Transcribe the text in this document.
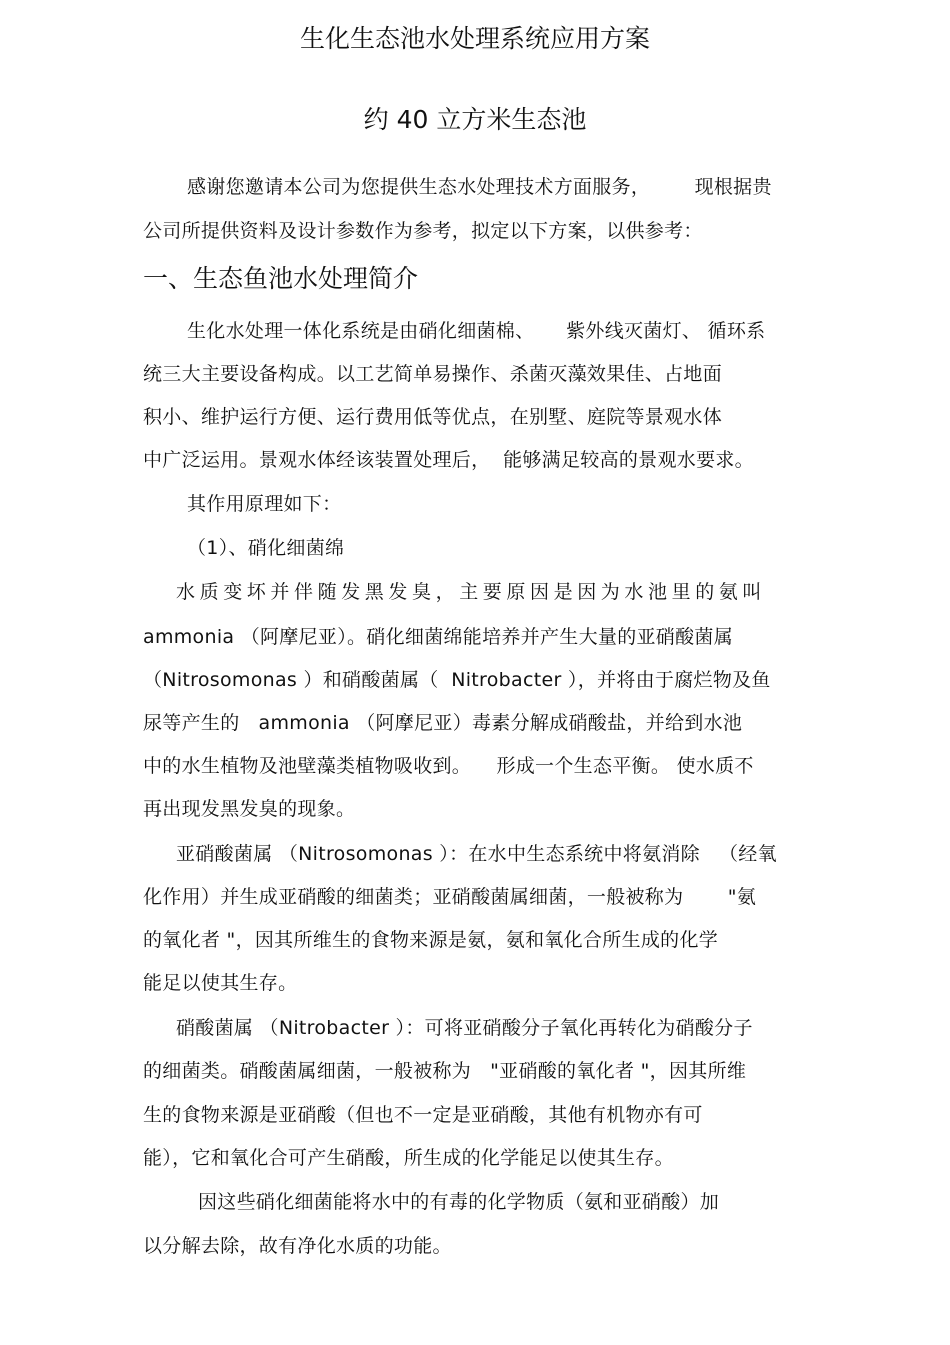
生化生态池水处理系统应用方案
约 40 立方米生态池
感谢您邀请本公司为您提供生态水处理技术方面服务，       现根据贵
公司所提供资料及设计参数作为参考，拟定以下方案，以供参考：
一、生态鱼池水处理简介
生化水处理一体化系统是由硝化细菌棉、     紫外线灭菌灯、 循环系
统三大主要设备构成。以工艺简单易操作、杀菌灭藻效果佳、占地面
积小、维护运行方便、运行费用低等优点，在别墅、庭院等景观水体
中广泛运用。景观水体经该装置处理后，  能够满足较高的景观水要求。
其作用原理如下：
（1）、硝化细菌绵
水质变坏并伴随发黑发臭，主要原因是因为水池里的氨叫
ammonia （阿摩尼亚）。硝化细菌绵能培养并产生大量的亚硝酸菌属
（Nitrosomonas ）和硝酸菌属（  Nitrobacter ），并将由于腐烂物及鱼
尿等产生的   ammonia （阿摩尼亚）毒素分解成硝酸盐，并给到水池
中的水生植物及池壁藻类植物吸收到。    形成一个生态平衡。 使水质不
再出现发黑发臭的现象。
亚硝酸菌属 （Nitrosomonas ）：在水中生态系统中将氨消除   （经氧
化作用）并生成亚硝酸的细菌类；亚硝酸菌属细菌，一般被称为       "氨
的氧化者 "，因其所维生的食物来源是氨，氨和氧化合所生成的化学
能足以使其生存。
硝酸菌属 （Nitrobacter ）：可将亚硝酸分子氧化再转化为硝酸分子
的细菌类。硝酸菌属细菌，一般被称为   "亚硝酸的氧化者 "，因其所维
生的食物来源是亚硝酸（但也不一定是亚硝酸，其他有机物亦有可
能），它和氧化合可产生硝酸，所生成的化学能足以使其生存。
因这些硝化细菌能将水中的有毒的化学物质（氨和亚硝酸）加
以分解去除，故有净化水质的功能。
